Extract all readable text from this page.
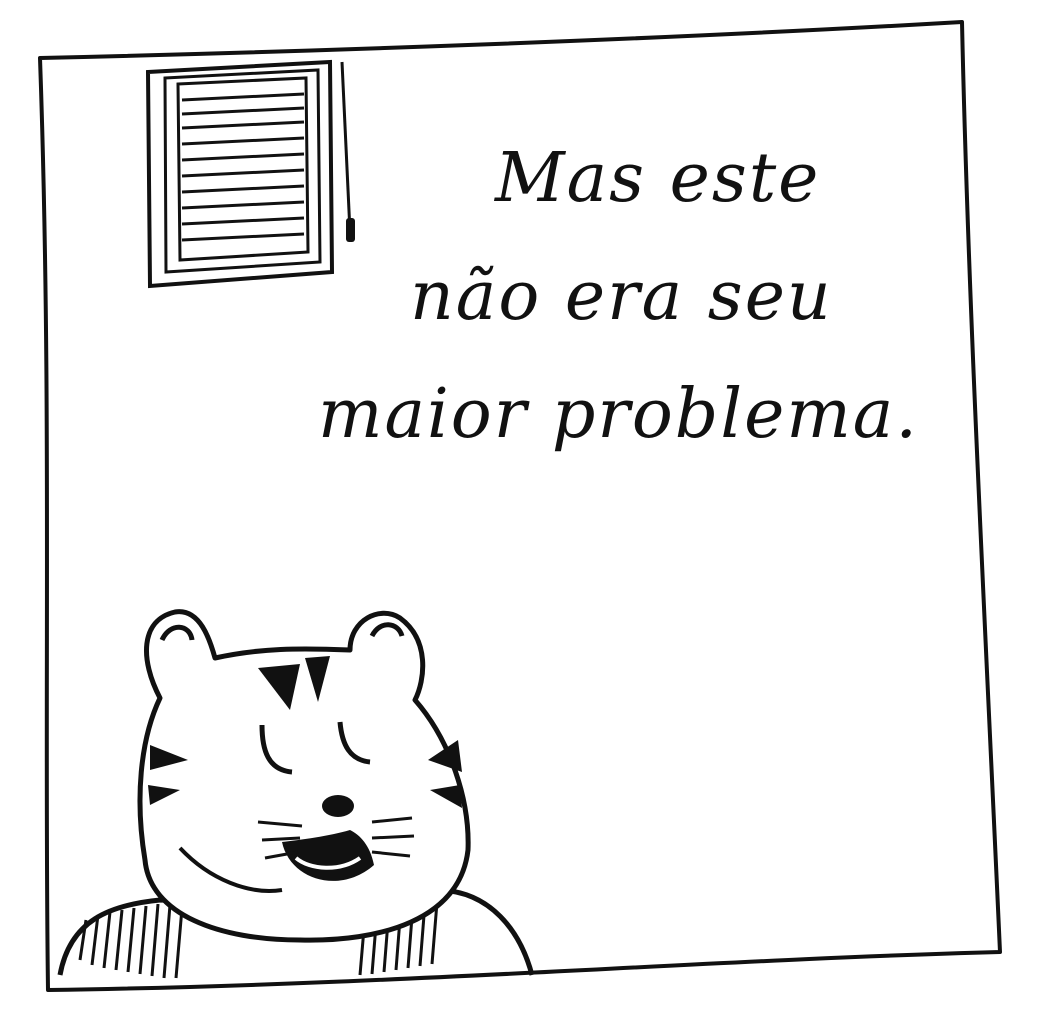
Mas este
não era seu
maior problema.
